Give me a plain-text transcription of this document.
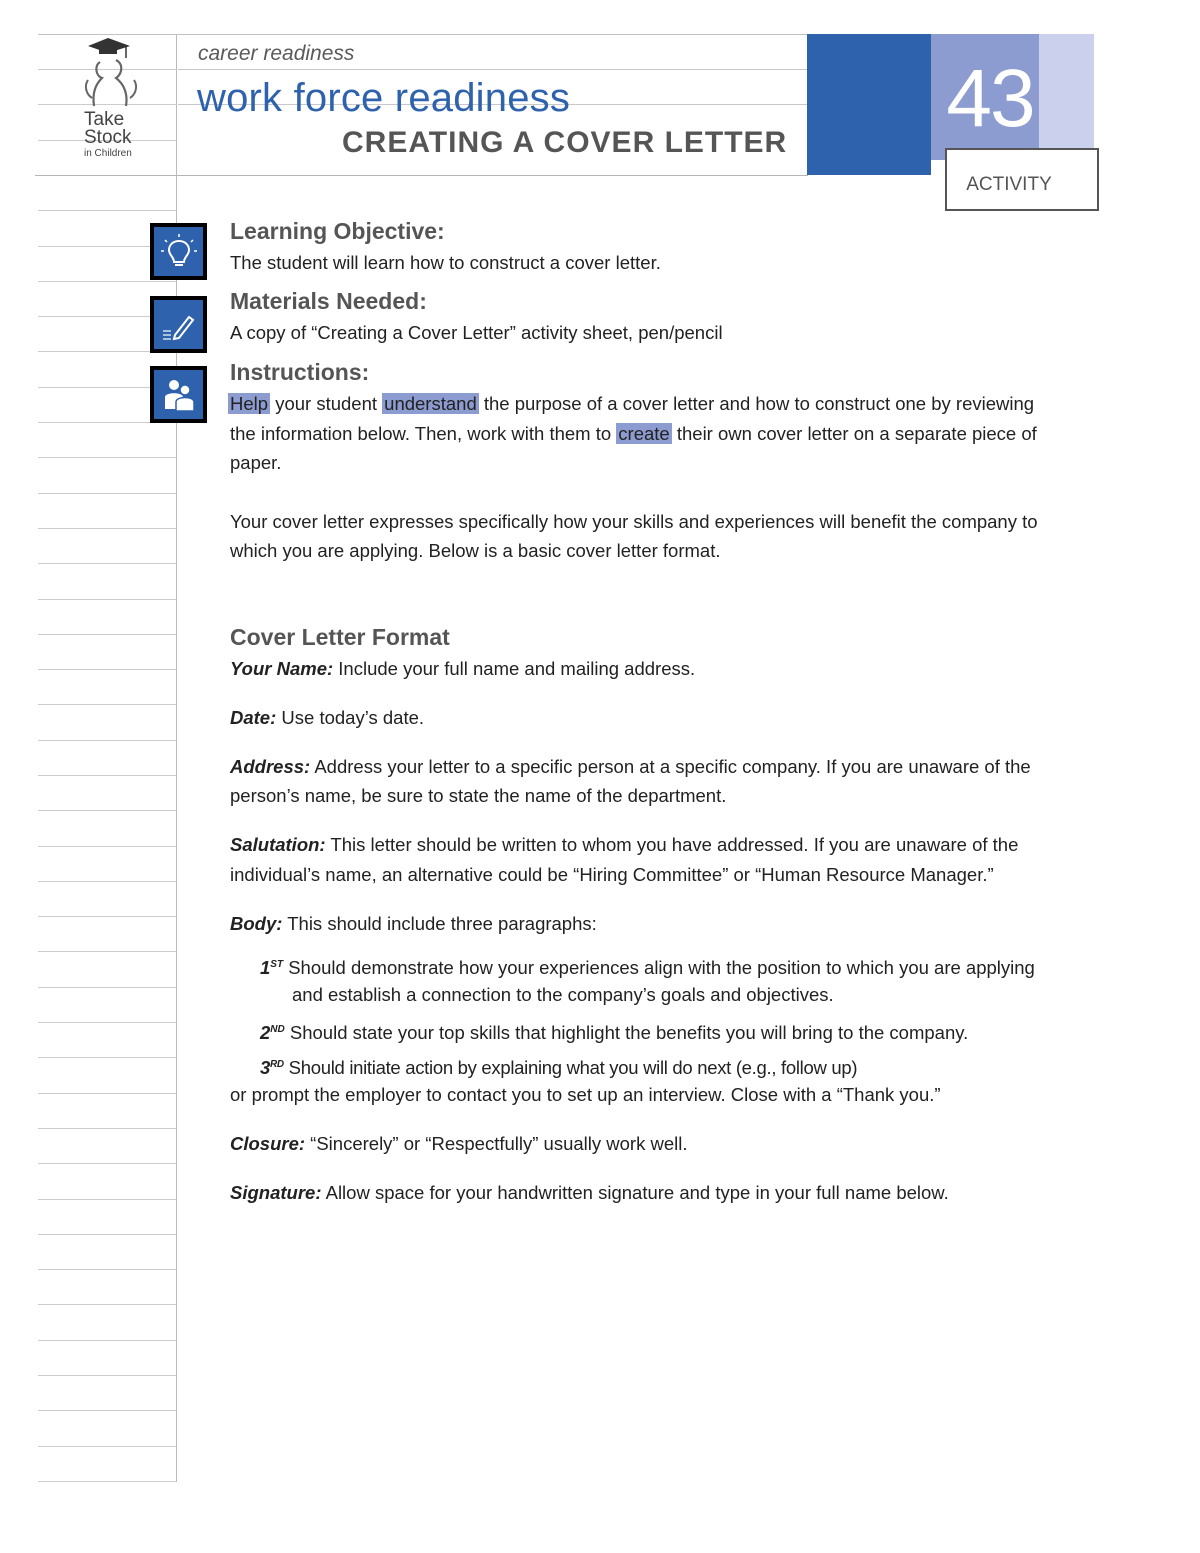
Take
Stock
in Children
career readiness
work force readiness
CREATING A COVER LETTER 43
ACTIVITY
Learning Objective:
The student will learn how to construct a cover letter.
Materials Needed:
A copy of “Creating a Cover Letter” activity sheet, pen/pencil
Instructions:
Help your student understand the purpose of a cover letter and how to construct one by reviewing
the information below. Then, work with them to create their own cover letter on a separate piece of
paper.
Your cover letter expresses specifically how your skills and experiences will benefit the company to
which you are applying. Below is a basic cover letter format.
Cover Letter Format
Your Name: Include your full name and mailing address.
Date: Use today’s date.
Address: Address your letter to a specific person at a specific company. If you are unaware of the
person’s name, be sure to state the name of the department.
Salutation: This letter should be written to whom you have addressed. If you are unaware of the
individual’s name, an alternative could be “Hiring Committee” or “Human Resource Manager.”
Body: This should include three paragraphs:
1ST Should demonstrate how your experiences align with the position to which you are applying
and establish a connection to the company’s goals and objectives.
2ND Should state your top skills that highlight the benefits you will bring to the company.
3RD Should initiate action by explaining what you will do next (e.g., follow up)
or prompt the employer to contact you to set up an interview. Close with a “Thank you.”
Closure: “Sincerely” or “Respectfully” usually work well.
Signature: Allow space for your handwritten signature and type in your full name below.
